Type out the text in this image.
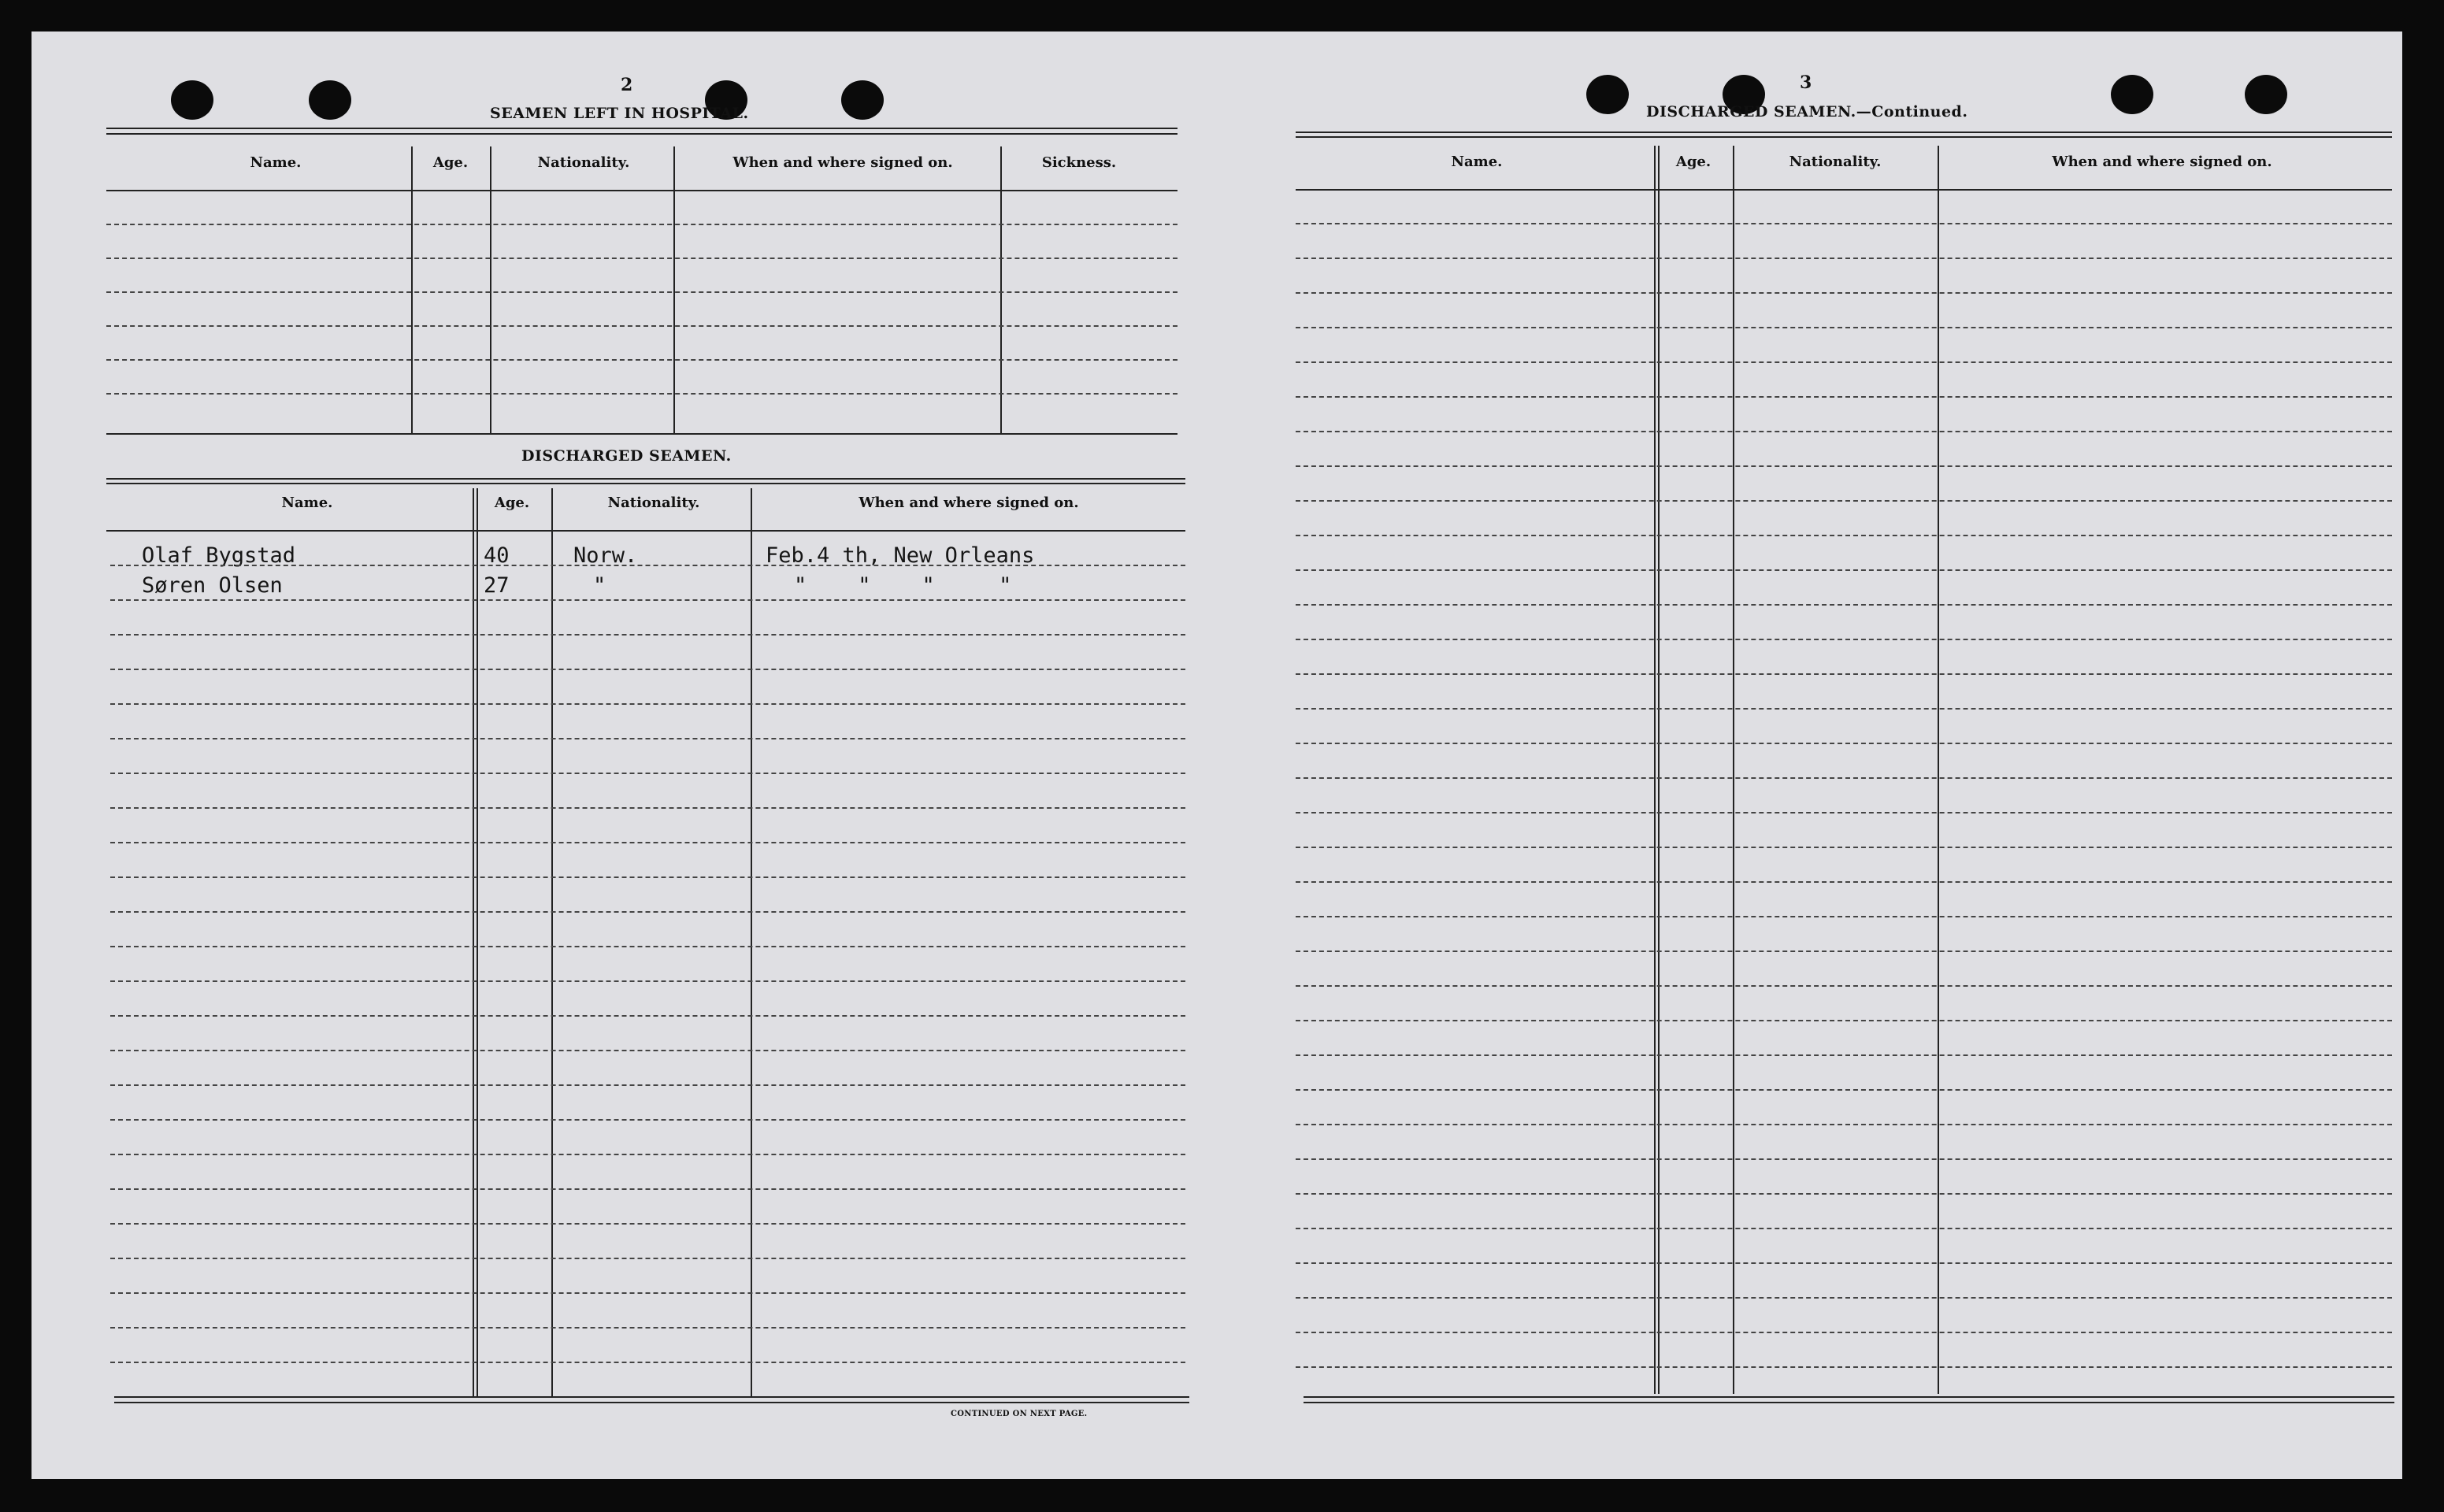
2
SEAMEN LEFT IN HOSPITAL.
Name.	Age.	Nationality.	When and where signed on.	Sickness.
DISCHARGED SEAMEN.
Name.	Age.	Nationality.	When and where signed on.
Olaf Bygstad	40	Norw.	Feb.4 th, New Orleans
Søren Olsen	27	"	"    "    "     "
CONTINUED ON NEXT PAGE.
3
DISCHARGED SEAMEN.—Continued.
Name.	Age.	Nationality.	When and where signed on.
